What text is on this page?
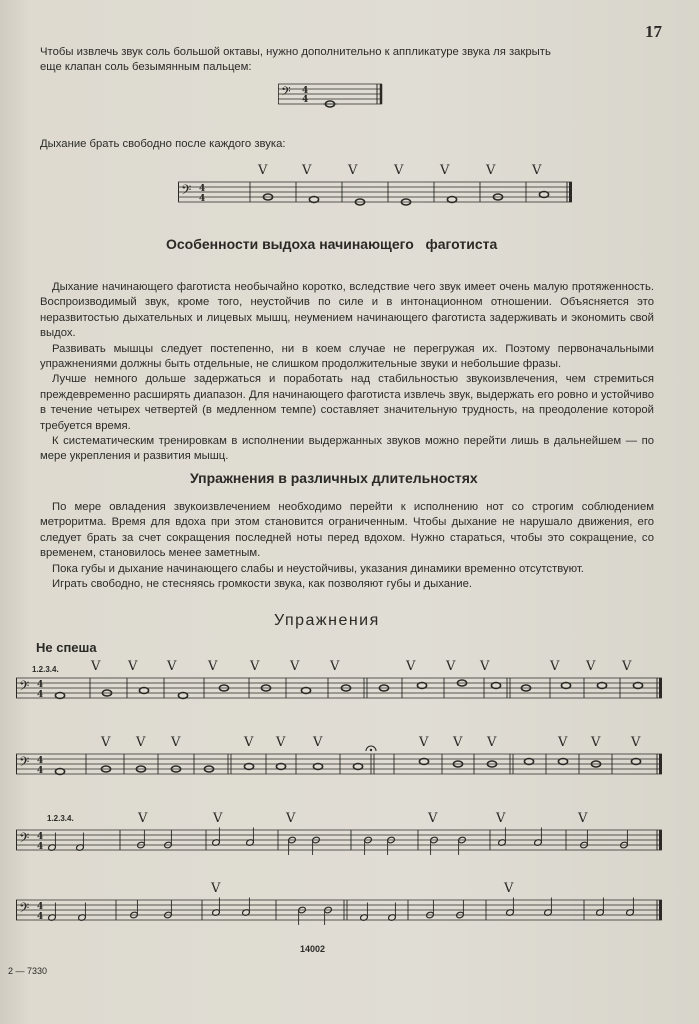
17
Чтобы извлечь звук соль большой октавы, нужно дополнительно к аппликатуре звука ля закрыть
еще клапан соль безымянным пальцем:
𝄢 4
4
Дыхание брать свободно после каждого звука:
𝄢 4
4
V	V	V	V	V	V	V
Особенности выдоха начинающего   фаготиста

Дыхание начинающего фаготиста необычайно коротко, вследствие чего звук имеет очень малую протяженность. Воспроизводимый звук, кроме того, неустойчив по силе и в интонационном отношении. Объясняется это неразвитостью дыхательных и лицевых мышц, неумением начинающего фаготиста задерживать и экономить свой выдох.

Развивать мышцы следует постепенно, ни в коем случае не перегружая их. Поэтому первоначальными упражнениями должны быть отдельные, не слишком продолжительные звуки и небольшие фразы.

Лучше немного дольше задержаться и поработать над стабильностью звукоизвлечения, чем стремиться преждевременно расширять диапазон. Для начинающего фаготиста извлечь звук, выдержать его ровно и устойчиво в течение четырех четвертей (в медленном темпе) составляет значительную трудность, на преодоление которой требуется время.

К систематическим тренировкам в исполнении выдержанных звуков можно перейти лишь в дальнейшем — по мере укрепления и развития мышц.

Упражнения в различных длительностях

По мере овладения звукоизвлечением необходимо перейти к исполнению нот со строгим соблюдением метроритма. Время для вдоха при этом становится ограниченным. Чтобы дыхание не нарушало движения, его следует брать за счет сокращения последней ноты перед вдохом. Нужно стараться, чтобы это сокращение, со временем, становилось менее заметным.

Пока губы и дыхание начинающего слабы и неустойчивы, указания динамики временно отсутствуют.

Играть свободно, не стесняясь громкости звука, как позволяют губы и дыхание.

Упражнения
Не спеша
1.2.3.4.
𝄢 4
4
V V V V	V V V	V V V	V V V
𝄢 4
4
V V V	V V V	V V V	V V V
1.2.3.4.
𝄢 4
4
V	V	V	V	V	V
𝄢 4
4
V	V
14002
2 — 7330
